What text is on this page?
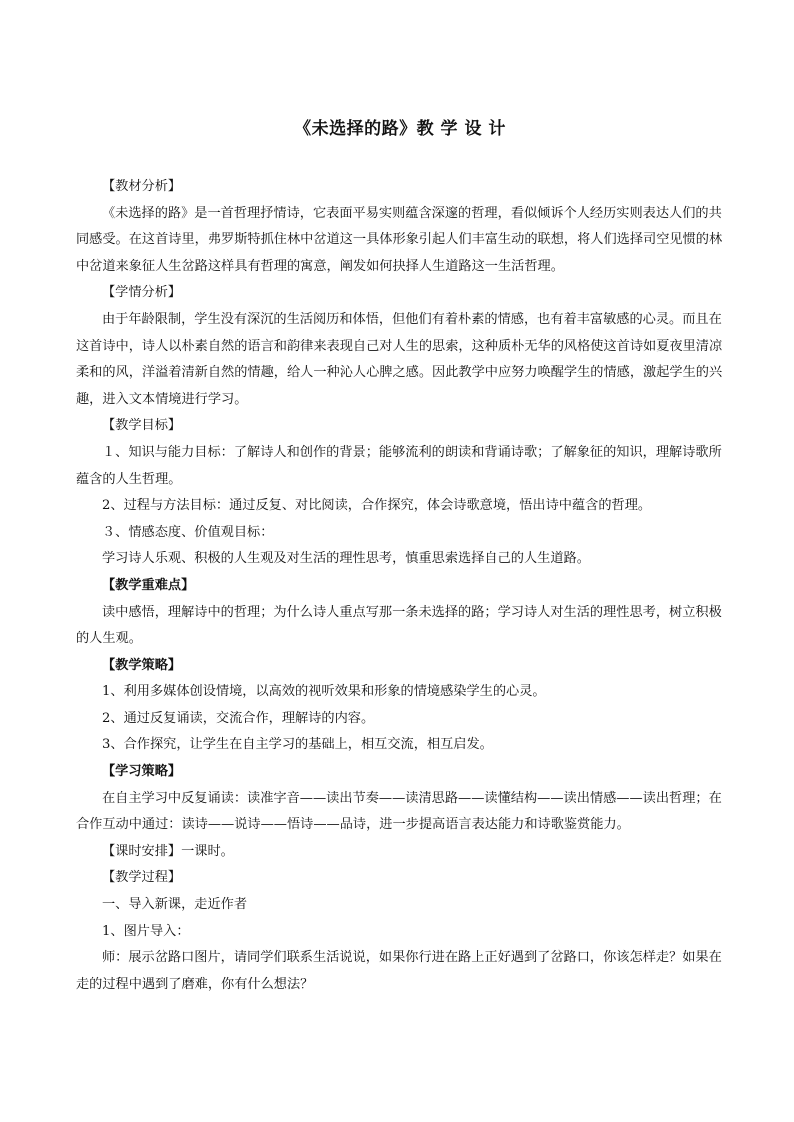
《未选择的路》教 学 设 计

【教材分析】

《未选择的路》是一首哲理抒情诗，它表面平易实则蕴含深邃的哲理，看似倾诉个人经历实则表达人们的共同感受。在这首诗里，弗罗斯特抓住林中岔道这一具体形象引起人们丰富生动的联想，将人们选择司空见惯的林中岔道来象征人生岔路这样具有哲理的寓意，阐发如何抉择人生道路这一生活哲理。

【学情分析】

由于年龄限制，学生没有深沉的生活阅历和体悟，但他们有着朴素的情感，也有着丰富敏感的心灵。而且在这首诗中，诗人以朴素自然的语言和韵律来表现自己对人生的思索，这种质朴无华的风格使这首诗如夏夜里清凉柔和的风，洋溢着清新自然的情趣，给人一种沁人心脾之感。因此教学中应努力唤醒学生的情感，激起学生的兴趣，进入文本情境进行学习。

【教学目标】

１、知识与能力目标：了解诗人和创作的背景；能够流利的朗读和背诵诗歌；了解象征的知识，理解诗歌所蕴含的人生哲理。

2、过程与方法目标：通过反复、对比阅读，合作探究，体会诗歌意境，悟出诗中蕴含的哲理。

３、情感态度、价值观目标：

学习诗人乐观、积极的人生观及对生活的理性思考，慎重思索选择自己的人生道路。

【教学重难点】

读中感悟，理解诗中的哲理；为什么诗人重点写那一条未选择的路；学习诗人对生活的理性思考，树立积极的人生观。

【教学策略】

1、利用多媒体创设情境，以高效的视听效果和形象的情境感染学生的心灵。

2、通过反复诵读，交流合作，理解诗的内容。

3、合作探究，让学生在自主学习的基础上，相互交流，相互启发。

【学习策略】

在自主学习中反复诵读：读准字音——读出节奏——读清思路——读懂结构——读出情感——读出哲理；在合作互动中通过：读诗——说诗——悟诗——品诗，进一步提高语言表达能力和诗歌鉴赏能力。

【课时安排】一课时。

【教学过程】

一、导入新课，走近作者

1、图片导入：

师：展示岔路口图片，请同学们联系生活说说，如果你行进在路上正好遇到了岔路口，你该怎样走？如果在走的过程中遇到了磨难，你有什么想法？
